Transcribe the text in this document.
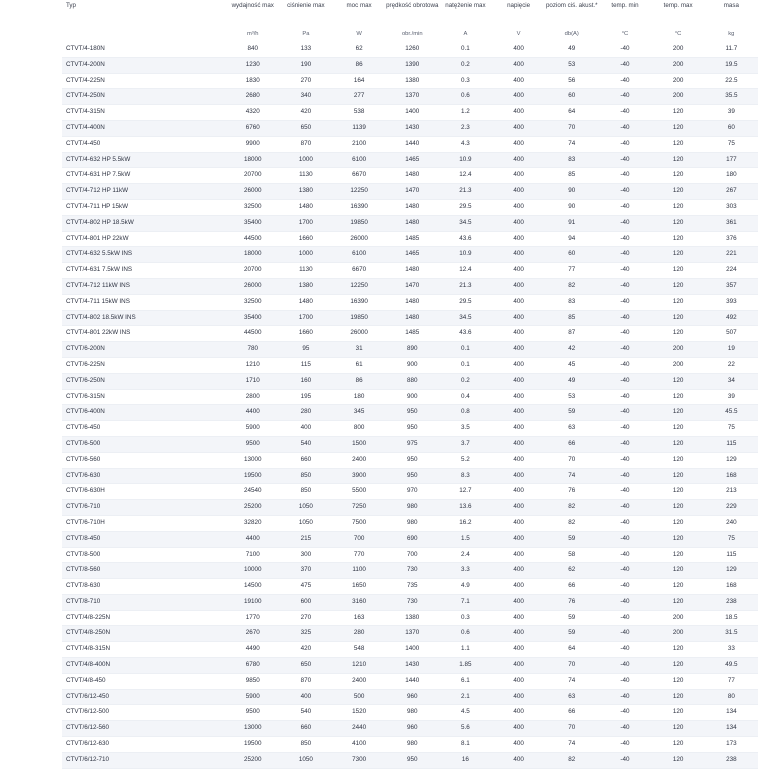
Typ	wydajność max	ciśnienie max	moc max	prędkość obrotowa	natężenie max	napięcie	poziom ciś. akust.*	temp. min	temp. max	masa
	m³/h	Pa	W	obr./min	A	V	db(A)	°C	°C	kg
CTVT/4-180N	840	133	62	1260	0.1	400	49	-40	200	11.7
CTVT/4-200N	1230	190	86	1390	0.2	400	53	-40	200	19.5
CTVT/4-225N	1830	270	164	1380	0.3	400	56	-40	200	22.5
CTVT/4-250N	2680	340	277	1370	0.6	400	60	-40	200	35.5
CTVT/4-315N	4320	420	538	1400	1.2	400	64	-40	120	39
CTVT/4-400N	6760	650	1139	1430	2.3	400	70	-40	120	60
CTVT/4-450	9900	870	2100	1440	4.3	400	74	-40	120	75
CTVT/4-632 HP 5.5kW	18000	1000	6100	1465	10.9	400	83	-40	120	177
CTVT/4-631 HP 7.5kW	20700	1130	6670	1480	12.4	400	85	-40	120	180
CTVT/4-712 HP 11kW	26000	1380	12250	1470	21.3	400	90	-40	120	267
CTVT/4-711 HP 15kW	32500	1480	16390	1480	29.5	400	90	-40	120	303
CTVT/4-802 HP 18.5kW	35400	1700	19850	1480	34.5	400	91	-40	120	361
CTVT/4-801 HP 22kW	44500	1660	26000	1485	43.6	400	94	-40	120	376
CTVT/4-632 5.5kW INS	18000	1000	6100	1465	10.9	400	60	-40	120	221
CTVT/4-631 7.5kW INS	20700	1130	6670	1480	12.4	400	77	-40	120	224
CTVT/4-712 11kW INS	26000	1380	12250	1470	21.3	400	82	-40	120	357
CTVT/4-711 15kW INS	32500	1480	16390	1480	29.5	400	83	-40	120	393
CTVT/4-802 18.5kW INS	35400	1700	19850	1480	34.5	400	85	-40	120	492
CTVT/4-801 22kW INS	44500	1660	26000	1485	43.6	400	87	-40	120	507
CTVT/6-200N	780	95	31	890	0.1	400	42	-40	200	19
CTVT/6-225N	1210	115	61	900	0.1	400	45	-40	200	22
CTVT/6-250N	1710	160	86	880	0.2	400	49	-40	120	34
CTVT/6-315N	2800	195	180	900	0.4	400	53	-40	120	39
CTVT/6-400N	4400	280	345	950	0.8	400	59	-40	120	45.5
CTVT/6-450	5900	400	800	950	3.5	400	63	-40	120	75
CTVT/6-500	9500	540	1500	975	3.7	400	66	-40	120	115
CTVT/6-560	13000	660	2400	950	5.2	400	70	-40	120	129
CTVT/6-630	19500	850	3900	950	8.3	400	74	-40	120	168
CTVT/6-630H	24540	850	5500	970	12.7	400	76	-40	120	213
CTVT/6-710	25200	1050	7250	980	13.6	400	82	-40	120	229
CTVT/6-710H	32820	1050	7500	980	16.2	400	82	-40	120	240
CTVT/8-450	4400	215	700	690	1.5	400	59	-40	120	75
CTVT/8-500	7100	300	770	700	2.4	400	58	-40	120	115
CTVT/8-560	10000	370	1100	730	3.3	400	62	-40	120	129
CTVT/8-630	14500	475	1650	735	4.9	400	66	-40	120	168
CTVT/8-710	19100	600	3160	730	7.1	400	76	-40	120	238
CTVT/4/8-225N	1770	270	163	1380	0.3	400	59	-40	200	18.5
CTVT/4/8-250N	2670	325	280	1370	0.6	400	59	-40	200	31.5
CTVT/4/8-315N	4490	420	548	1400	1.1	400	64	-40	120	33
CTVT/4/8-400N	6780	650	1210	1430	1.85	400	70	-40	120	49.5
CTVT/4/8-450	9850	870	2400	1440	6.1	400	74	-40	120	77
CTVT/6/12-450	5900	400	500	960	2.1	400	63	-40	120	80
CTVT/6/12-500	9500	540	1520	980	4.5	400	66	-40	120	134
CTVT/6/12-560	13000	660	2440	960	5.6	400	70	-40	120	134
CTVT/6/12-630	19500	850	4100	980	8.1	400	74	-40	120	173
CTVT/6/12-710	25200	1050	7300	950	16	400	82	-40	120	238
